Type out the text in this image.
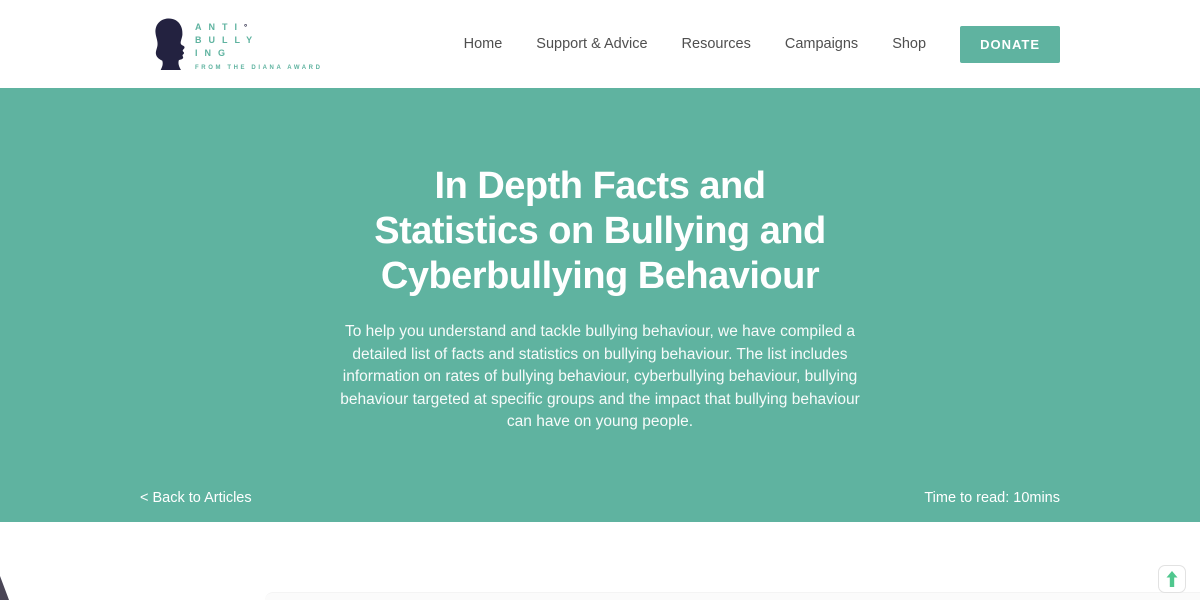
ANTI°
BULLY
ING
FROM THE DIANA AWARD
Home Support & Advice Resources Campaigns Shop	DONATE
In Depth Facts and
Statistics on Bullying and
Cyberbullying Behaviour

To help you understand and tackle bullying behaviour, we have compiled a detailed list of facts and statistics on bullying behaviour. The list includes information on rates of bullying behaviour, cyberbullying behaviour, bullying behaviour targeted at specific groups and the impact that bullying behaviour can have on young people.

< Back to Articles	Time to read: 10mins
